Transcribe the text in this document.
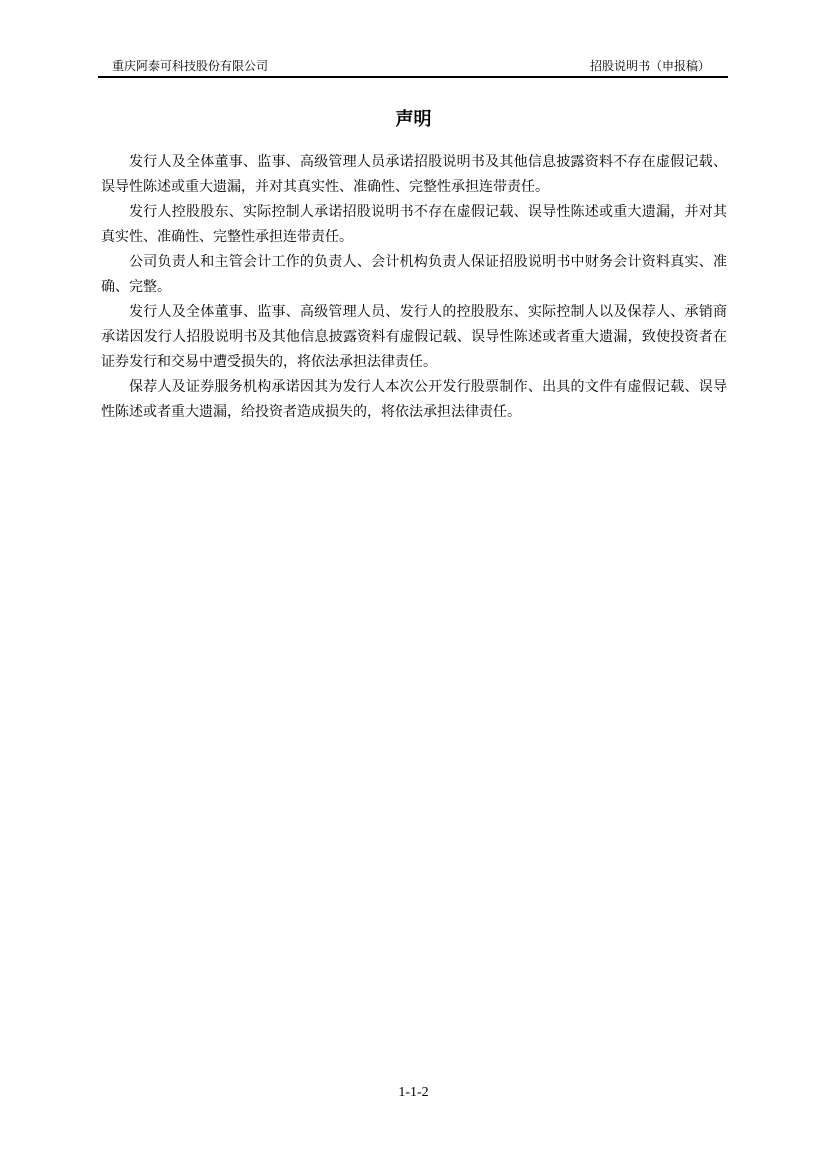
重庆阿泰可科技股份有限公司	招股说明书（申报稿）
声明

发行人及全体董事、监事、高级管理人员承诺招股说明书及其他信息披露资料不存在虚假记载、误导性陈述或重大遗漏，并对其真实性、准确性、完整性承担连带责任。

发行人控股股东、实际控制人承诺招股说明书不存在虚假记载、误导性陈述或重大遗漏，并对其真实性、准确性、完整性承担连带责任。

公司负责人和主管会计工作的负责人、会计机构负责人保证招股说明书中财务会计资料真实、准确、完整。

发行人及全体董事、监事、高级管理人员、发行人的控股股东、实际控制人以及保荐人、承销商承诺因发行人招股说明书及其他信息披露资料有虚假记载、误导性陈述或者重大遗漏，致使投资者在证券发行和交易中遭受损失的，将依法承担法律责任。

保荐人及证券服务机构承诺因其为发行人本次公开发行股票制作、出具的文件有虚假记载、误导性陈述或者重大遗漏，给投资者造成损失的，将依法承担法律责任。

1-1-2
